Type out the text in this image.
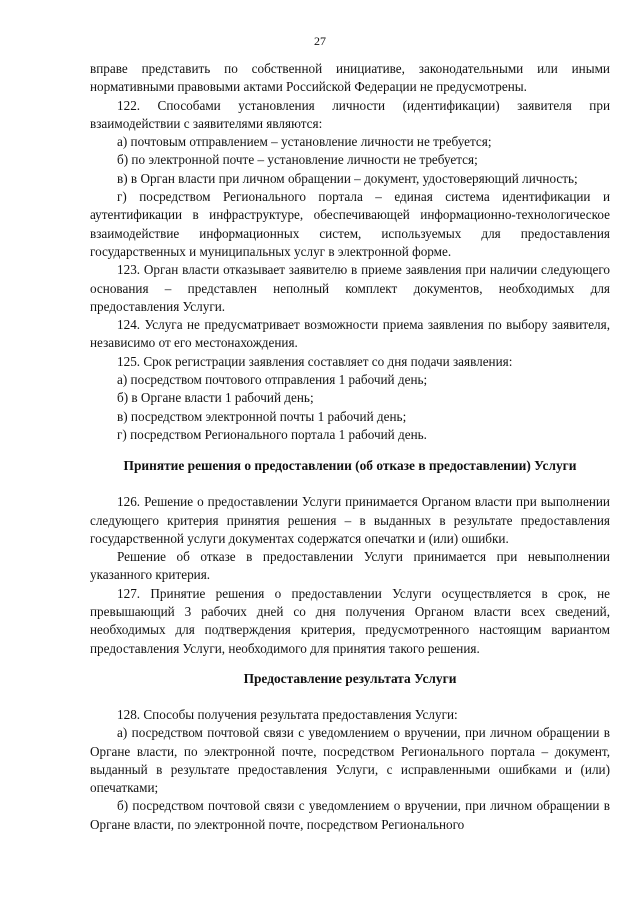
27

вправе представить по собственной инициативе, законодательными или иными нормативными правовыми актами Российской Федерации не предусмотрены.

122. Способами установления личности (идентификации) заявителя при взаимодействии с заявителями являются:

а) почтовым отправлением – установление личности не требуется;

б) по электронной почте – установление личности не требуется;

в) в Орган власти при личном обращении – документ, удостоверяющий личность;

г) посредством Регионального портала – единая система идентификации и аутентификации в инфраструктуре, обеспечивающей информационно-технологическое взаимодействие информационных систем, используемых для предоставления государственных и муниципальных услуг в электронной форме.

123. Орган власти отказывает заявителю в приеме заявления при наличии следующего основания – представлен неполный комплект документов, необходимых для предоставления Услуги.

124. Услуга не предусматривает возможности приема заявления по выбору заявителя, независимо от его местонахождения.

125. Срок регистрации заявления составляет со дня подачи заявления:

а) посредством почтового отправления 1 рабочий день;

б) в Органе власти 1 рабочий день;

в) посредством электронной почты 1 рабочий день;

г) посредством Регионального портала 1 рабочий день.

Принятие решения о предоставлении (об отказе в предоставлении) Услуги

126. Решение о предоставлении Услуги принимается Органом власти при выполнении следующего критерия принятия решения – в выданных в результате предоставления государственной услуги документах содержатся опечатки и (или) ошибки.

Решение об отказе в предоставлении Услуги принимается при невыполнении указанного критерия.

127. Принятие решения о предоставлении Услуги осуществляется в срок, не превышающий 3 рабочих дней со дня получения Органом власти всех сведений, необходимых для подтверждения критерия, предусмотренного настоящим вариантом предоставления Услуги, необходимого для принятия такого решения.

Предоставление результата Услуги

128. Способы получения результата предоставления Услуги:

а) посредством почтовой связи с уведомлением о вручении, при личном обращении в Органе власти, по электронной почте, посредством Регионального портала – документ, выданный в результате предоставления Услуги, с исправленными ошибками и (или) опечатками;

б) посредством почтовой связи с уведомлением о вручении, при личном обращении в Органе власти, по электронной почте, посредством Регионального
